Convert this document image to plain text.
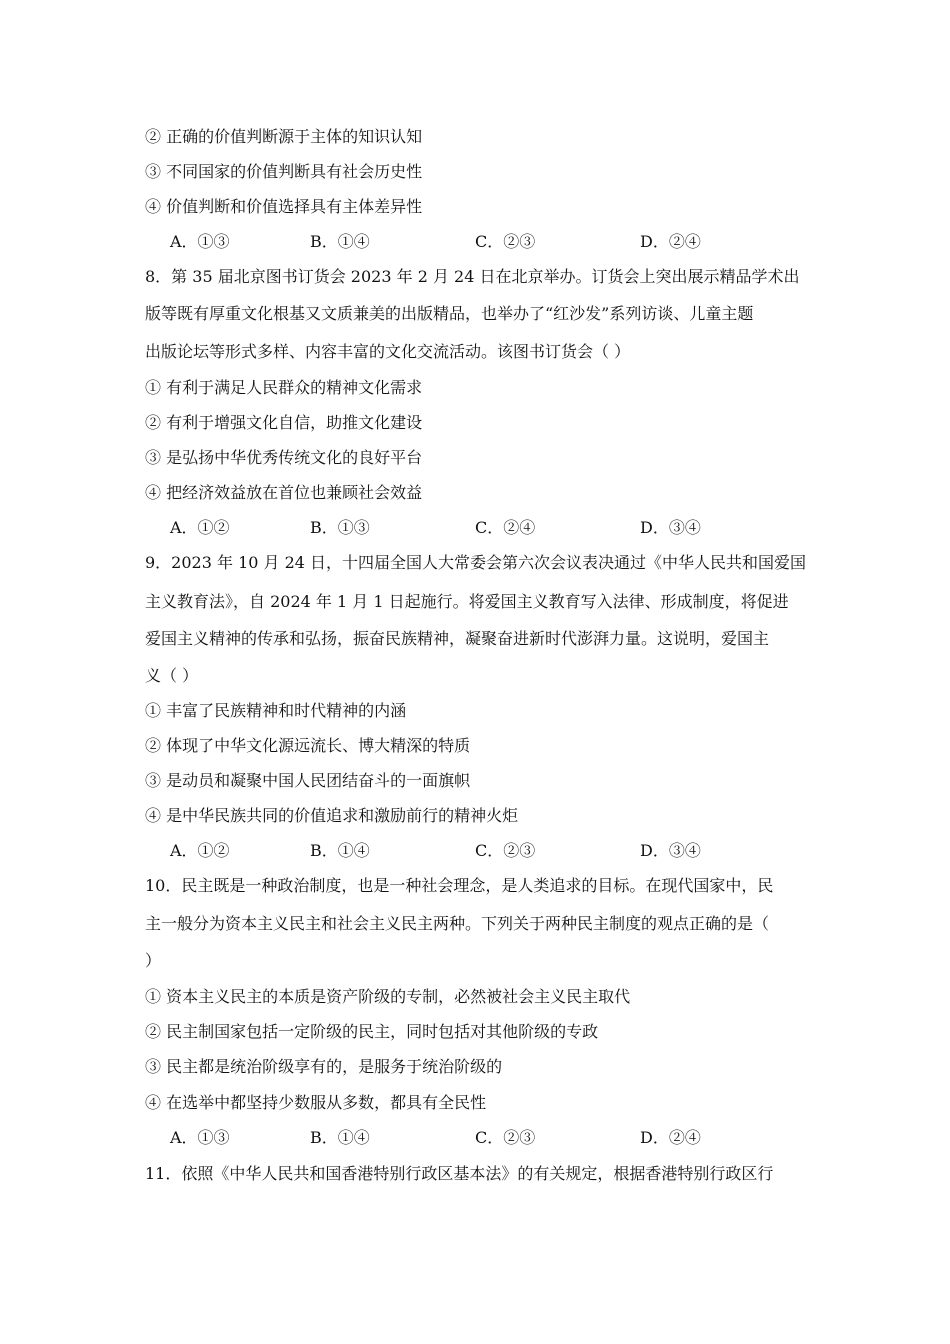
② 正确的价值判断源于主体的知识认知
③ 不同国家的价值判断具有社会历史性
④ 价值判断和价值选择具有主体差异性
A．①③	B．①④	C．②③	D．②④
8．第 35 届北京图书订货会 2023 年 2 月 24 日在北京举办。订货会上突出展示精品学术出
版等既有厚重文化根基又文质兼美的出版精品，也举办了“红沙发”系列访谈、儿童主题
出版论坛等形式多样、内容丰富的文化交流活动。该图书订货会（ ）
① 有利于满足人民群众的精神文化需求
② 有利于增强文化自信，助推文化建设
③ 是弘扬中华优秀传统文化的良好平台
④ 把经济效益放在首位也兼顾社会效益
A．①②	B．①③	C．②④	D．③④
9．2023 年 10 月 24 日，十四届全国人大常委会第六次会议表决通过《中华人民共和国爱国
主义教育法》，自 2024 年 1 月 1 日起施行。将爱国主义教育写入法律、形成制度，将促进
爱国主义精神的传承和弘扬，振奋民族精神，凝聚奋进新时代澎湃力量。这说明，爱国主
义（ ）
① 丰富了民族精神和时代精神的内涵
② 体现了中华文化源远流长、博大精深的特质
③ 是动员和凝聚中国人民团结奋斗的一面旗帜
④ 是中华民族共同的价值追求和激励前行的精神火炬
A．①②	B．①④	C．②③	D．③④
10．民主既是一种政治制度，也是一种社会理念，是人类追求的目标。在现代国家中，民
主一般分为资本主义民主和社会主义民主两种。下列关于两种民主制度的观点正确的是（
）
① 资本主义民主的本质是资产阶级的专制，必然被社会主义民主取代
② 民主制国家包括一定阶级的民主，同时包括对其他阶级的专政
③ 民主都是统治阶级享有的，是服务于统治阶级的
④ 在选举中都坚持少数服从多数，都具有全民性
A．①③	B．①④	C．②③	D．②④
11．依照《中华人民共和国香港特别行政区基本法》的有关规定，根据香港特别行政区行
